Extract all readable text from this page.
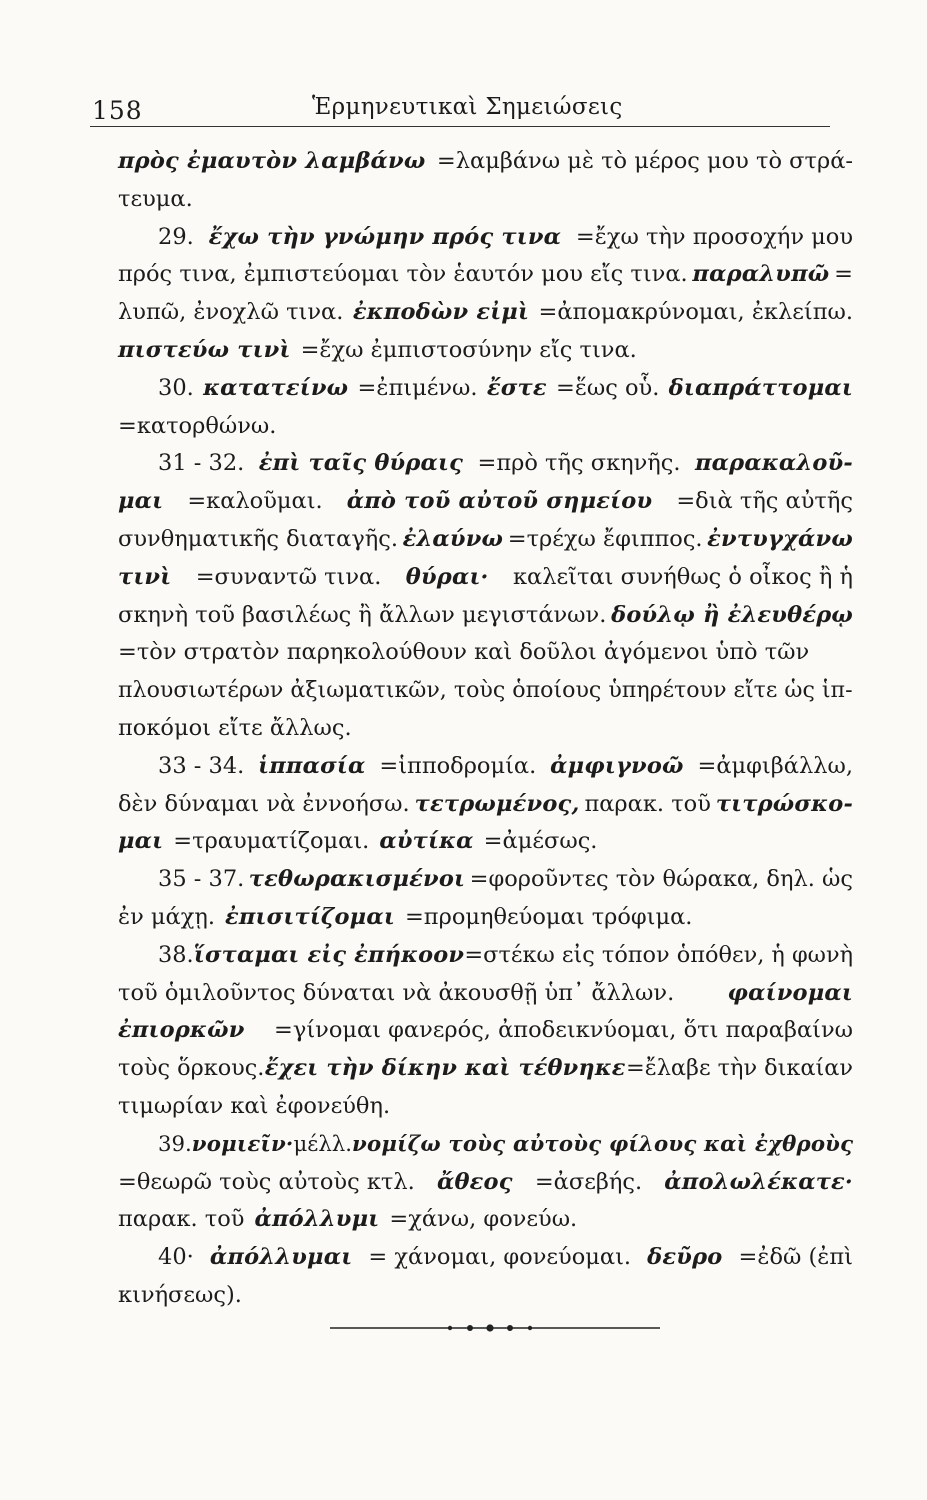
158	Ἑρμηνευτικαὶ Σημειώσεις
πρὸς ἐμαυτὸν λαμβάνω =λαμβάνω μὲ τὸ μέρος μου τὸ στρά-
τευμα.
29. ἔχω τὴν γνώμην πρός τινα =ἔχω τὴν προσοχήν μου
πρός τινα, ἐμπιστεύομαι τὸν ἑαυτόν μου εἴς τινα. παραλυπῶ =
λυπῶ, ἐνοχλῶ τινα. ἐκποδὼν εἰμὶ =ἀπομακρύνομαι, ἐκλείπω.
πιστεύω τινὶ =ἔχω ἐμπιστοσύνην εἴς τινα.
30. κατατείνω =ἐπιμένω. ἔστε =ἕως οὗ. διαπράττομαι
=κατορθώνω.
31 - 32. ἐπὶ ταῖς θύραις =πρὸ τῆς σκηνῆς. παρακαλοῦ-
μαι =καλοῦμαι. ἀπὸ τοῦ αὐτοῦ σημείου =διὰ τῆς αὐτῆς
συνθηματικῆς διαταγῆς. ἐλαύνω =τρέχω ἔφιππος. ἐντυγχάνω
τινὶ =συναντῶ τινα. θύραι· καλεῖται συνήθως ὁ οἶκος ἢ ἡ
σκηνὴ τοῦ βασιλέως ἢ ἄλλων μεγιστάνων. δούλῳ ἢ ἐλευθέρῳ
=τὸν στρατὸν παρηκολούθουν καὶ δοῦλοι ἀγόμενοι ὑπὸ τῶν
πλουσιωτέρων ἀξιωματικῶν, τοὺς ὁποίους ὑπηρέτουν εἴτε ὡς ἱπ-
ποκόμοι εἴτε ἄλλως.
33 - 34. ἱππασία =ἱπποδρομία. ἀμφιγνοῶ =ἀμφιβάλλω,
δὲν δύναμαι νὰ ἐννοήσω. τετρωμένος, παρακ. τοῦ τιτρώσκο-
μαι =τραυματίζομαι. αὐτίκα =ἀμέσως.
35 - 37. τεθωρακισμένοι =φοροῦντες τὸν θώρακα, δηλ. ὡς
ἐν μάχῃ. ἐπισιτίζομαι =προμηθεύομαι τρόφιμα.
38. ἵσταμαι εἰς ἐπήκοον =στέκω εἰς τόπον ὁπόθεν, ἡ φωνὴ
τοῦ ὁμιλοῦντος δύναται νὰ ἀκουσθῇ ὑπ᾿ ἄλλων. φαίνομαι
ἐπιορκῶν =γίνομαι φανερός, ἀποδεικνύομαι, ὅτι παραβαίνω
τοὺς ὅρκους. ἔχει τὴν δίκην καὶ τέθνηκε =ἔλαβε τὴν δικαίαν
τιμωρίαν καὶ ἐφονεύθη.
39. νομιεῖν· μέλλ. νομίζω τοὺς αὐτοὺς φίλους καὶ ἐχθροὺς
=θεωρῶ τοὺς αὐτοὺς κτλ. ἄθεος =ἀσεβής. ἀπολωλέκατε·
παρακ. τοῦ ἀπόλλυμι =χάνω, φονεύω.
40· ἀπόλλυμαι = χάνομαι, φονεύομαι. δεῦρο =ἐδῶ (ἐπὶ
κινήσεως).
